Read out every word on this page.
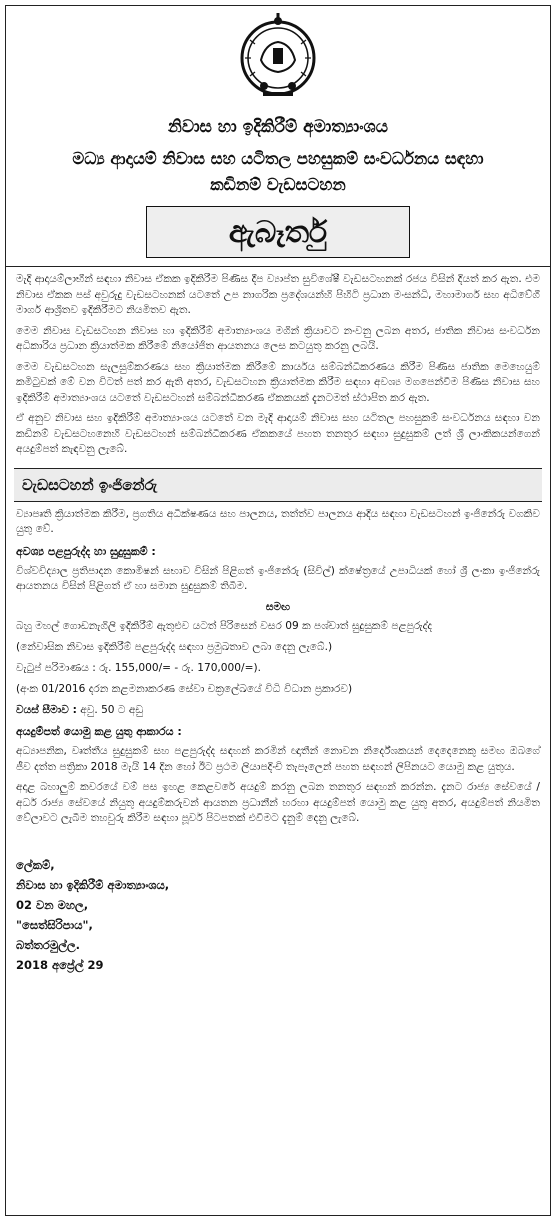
නිවාස හා ඉදිකිරීම් අමාත්‍යාංශය
මධ්‍ය ආදායම් නිවාස සහ යටිතල පහසුකම් සංවර්ධනය සඳහා
කඩිනම් වැඩසටහන
ඇබෑර්තු
මැදි ආදායම්ලාභීන් සඳහා නිවාස ඒකක ඉදිකිරීම පිණිස දීප ව්‍යාප්ත සුවිශේෂී වැඩසටහනක් රජය විසින් දියත් කර ඇත. එම නිවාස ඒකක පස් අවුරුදු වැඩසටහනක් යටතේ උප නාගරික ප්‍රදේශයන්හි පිහිටි ප්‍රධාන මංසන්ධි, මහාමාර්ග සහ අධිවේගී මාර්ග ආශ්‍රිතව ඉදිකිරීමට නියමිතව ඇත.
මෙම නිවාස වැඩසටහන නිවාස හා ඉදිකිරීම් අමාත්‍යාංශය මගින් ක්‍රියාවට නංවනු ලබන අතර, ජාතික නිවාස සංවර්ධන අධිකාරිය ප්‍රධාන ක්‍රියාත්මක කිරීමේ නියෝජිත ආයතනය ලෙස කටයුතු කරනු ලබයි.
මෙම වැඩසටහන සැලසුම්කරණය සහ ක්‍රියාත්මක කිරීමේ කාර්යය සම්බන්ධීකරණය කිරීම පිණිස ජාතික මෙහෙයුම් කමිටුවක් මේ වන විටත් පත් කර ඇති අතර, වැඩසටහන ක්‍රියාත්මක කිරීම සඳහා අවශ්‍ය මගපෙන්වීම පිණිස නිවාස සහ ඉදිකිරීම් අමාත්‍යාංශය යටතේ වැඩසටහන් සම්බන්ධීකරණ ඒකකයක් දැනටමත් ස්ථාපිත කර ඇත.
ඒ අනුව නිවාස සහ ඉදිකිරීම් අමාත්‍යාංශය යටතේ වන මැදි ආදායම් නිවාස සහ යටිතල පහසුකම් සංවර්ධනය සඳහා වන කඩිනම් වැඩසටහනෙහි වැඩසටහන් සම්බන්ධීකරණ ඒකකයේ පහත තනතුර සඳහා සුදුසුකම් ලත් ශ්‍රී ලාංකිකයන්ගෙන් අයදුම්පත් කැඳවනු ලැබේ.
වැඩසටහන් ඉංජිනේරු
ව්‍යාපෘති ක්‍රියාත්මක කිරීම, ප්‍රගතිය අධීක්ෂණය සහ පාලනය, තත්ත්ව පාලනය ආදිය සඳහා වැඩසටහන් ඉංජිනේරු වගකිව යුතු වේ.
අවශ්‍ය පළපුරුද්ද හා සුදුසුකම් :
විශ්වවිද්‍යාල ප්‍රතිපාදන කොමිෂන් සභාව විසින් පිළිගත් ඉංජිනේරු (සිවිල්) ක්ෂේත්‍රයේ උපාධියක් හෝ ශ්‍රී ලංකා ඉංජිනේරු ආයතනය විසින් පිළිගත් ඒ හා සමාන සුදුසුකම් තිබීම.
සමඟ
බහු මහල් ගොඩනැගිලි ඉදිකිරීම් ඇතුළුව යටත් පිරිසෙන් වසර 09 ක පශ්චාත් සුදුසුකම් පළපුරුද්ද
(නේවාසික නිවාස ඉදිකිරීම් පළපුරුද්ද සඳහා ප්‍රමුඛතාව ලබා දෙනු ලැබේ.)
වැටුප් පරිමාණය : රු. 155,000/= - රු. 170,000/=).
(අංක 01/2016 දරන කළමනාකරණ සේවා චක්‍රලේඛයේ විධි විධාන ප්‍රකාරව)
වයස් සීමාව : අවු. 50 ට අඩු
අයදුම්පත් යොමු කළ යුතු ආකාරය :
අධ්‍යාපනික, වෘත්තීය සුදුසුකම් සහ පළපුරුද්ද සඳහන් කරමින් ඥාතීන් නොවන නිර්දේශකයන් දෙදෙනෙකු සමඟ ඔබගේ ජීව දත්ත පත්‍රිකා 2018 මැයි 14 දින හෝ ඊට ප්‍රථම ලියාපදිංචි තැපෑලෙන් පහත සඳහන් ලිපිනයට යොමු කළ යුතුය.
අදාළ බහාලුම් කවරයේ වම් පස ඉහළ කෙළවරේ අයදුම් කරනු ලබන තනතුර සඳහන් කරන්න. දැනට රාජ්‍ය සේවයේ / අර්ධ රාජ්‍ය සේවයේ නියුතු අයදුම්කරුවන් ආයතන ප්‍රධානීන් හරහා අයදුම්පත් යොමු කළ යුතු අතර, අයදුම්පත් නියමිත වේලාවට ලැබීම තහවුරු කිරීම සඳහා පූර්ව පිටපතක් එවීමට දැනුම් දෙනු ලැබේ.
ලේකම්,
නිවාස හා ඉදිකිරීම් අමාත්‍යාංශය,
02 වන මහල,
"සෙත්සිරිපාය",
බත්තරමුල්ල.
2018 අප්‍රේල් 29
